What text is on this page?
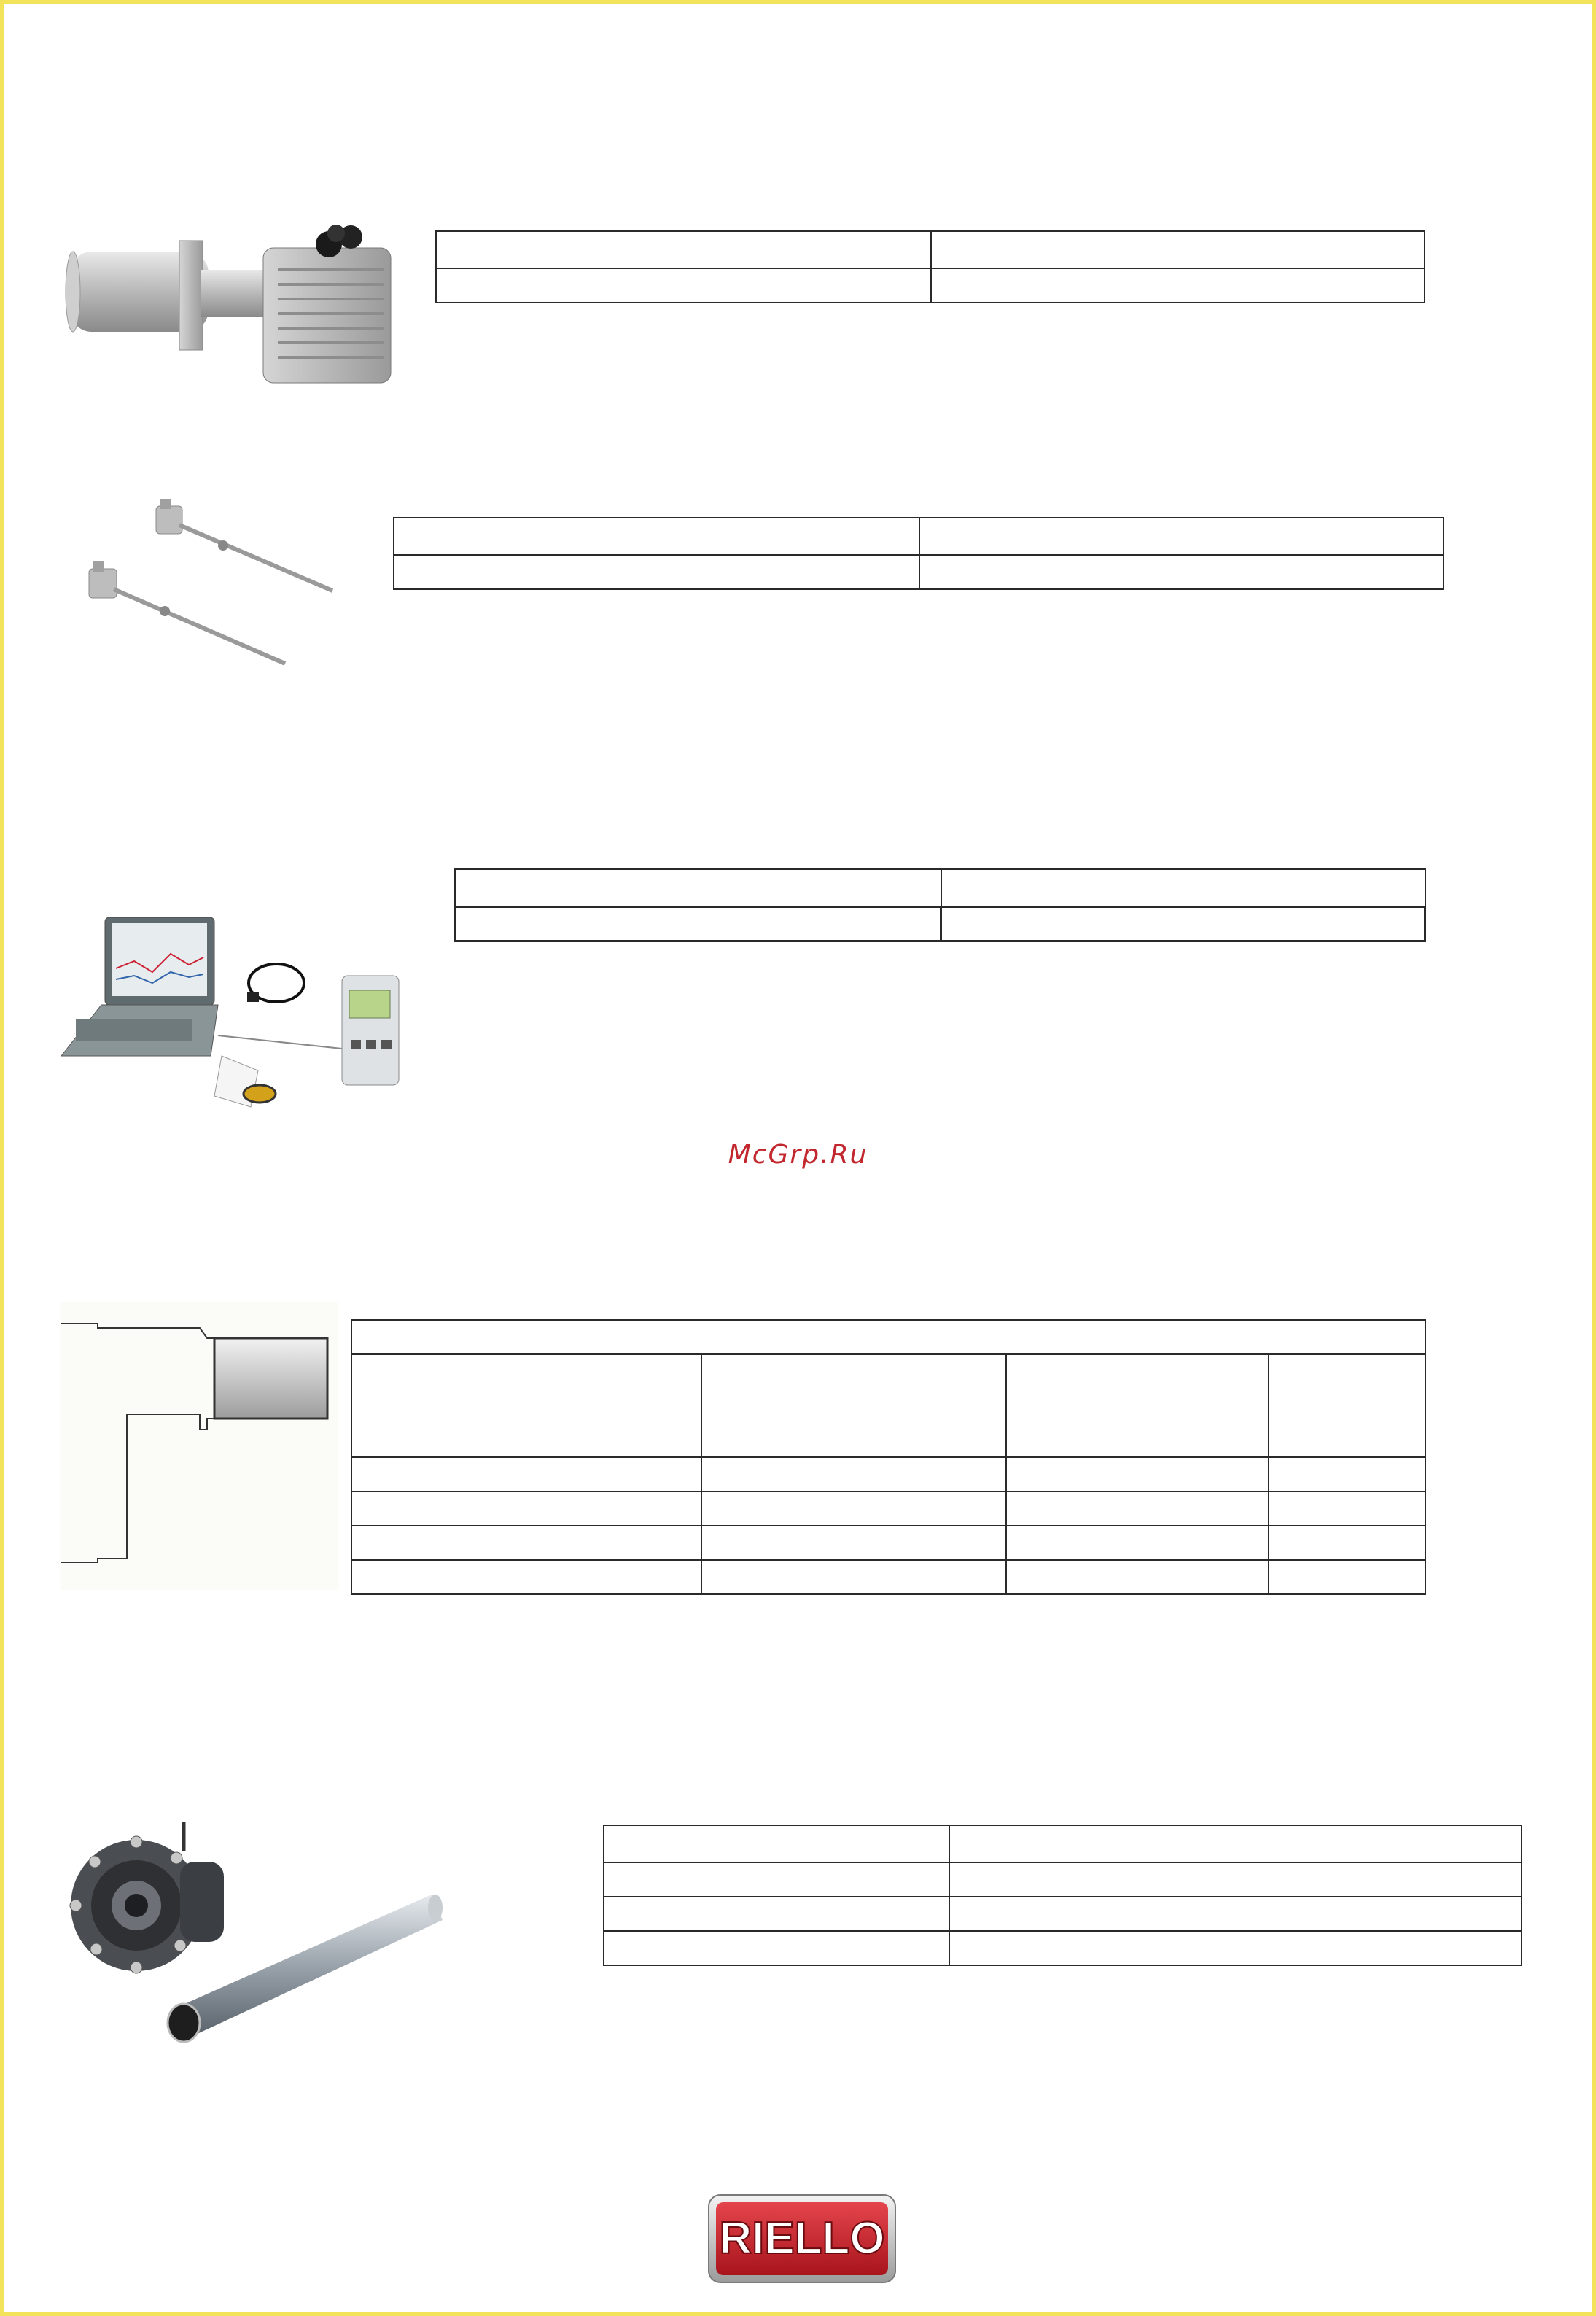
McGrp.Ru

RIELLO
